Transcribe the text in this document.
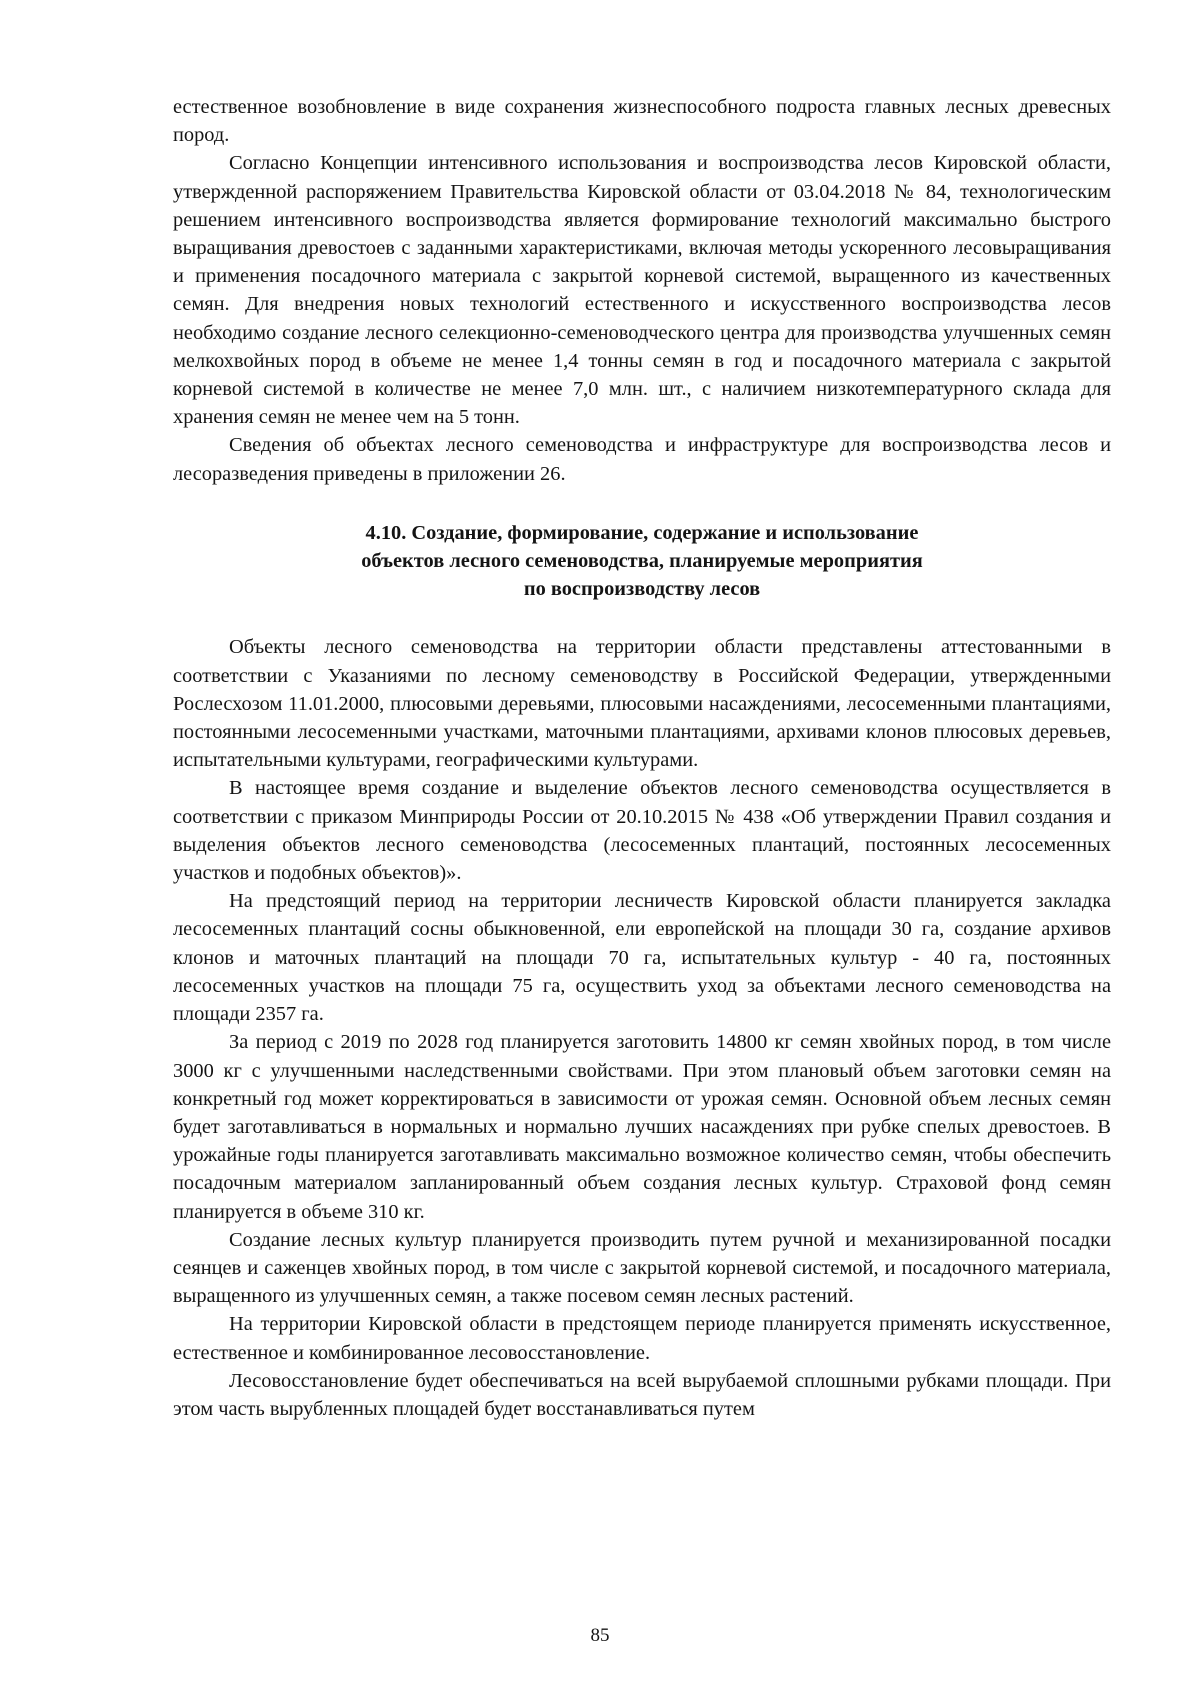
естественное возобновление в виде сохранения жизнеспособного подроста главных лесных древесных пород.

Согласно Концепции интенсивного использования и воспроизводства лесов Кировской области, утвержденной распоряжением Правительства Кировской области от 03.04.2018 № 84, технологическим решением интенсивного воспроизводства является формирование технологий максимально быстрого выращивания древостоев с заданными характеристиками, включая методы ускоренного лесовыращивания и применения посадочного материала с закрытой корневой системой, выращенного из качественных семян. Для внедрения новых технологий естественного и искусственного воспроизводства лесов необходимо создание лесного селекционно-семеноводческого центра для производства улучшенных семян мелкохвойных пород в объеме не менее 1,4 тонны семян в год и посадочного материала с закрытой корневой системой в количестве не менее 7,0 млн. шт., с наличием низкотемпературного склада для хранения семян не менее чем на 5 тонн.

Сведения об объектах лесного семеноводства и инфраструктуре для воспроизводства лесов и лесоразведения приведены в приложении 26.

4.10. Создание, формирование, содержание и использование
объектов лесного семеноводства, планируемые мероприятия
по воспроизводству лесов

Объекты лесного семеноводства на территории области представлены аттестованными в соответствии с Указаниями по лесному семеноводству в Российской Федерации, утвержденными Рослесхозом 11.01.2000, плюсовыми деревьями, плюсовыми насаждениями, лесосеменными плантациями, постоянными лесосеменными участками, маточными плантациями, архивами клонов плюсовых деревьев, испытательными культурами, географическими культурами.

В настоящее время создание и выделение объектов лесного семеноводства осуществляется в соответствии с приказом Минприроды России от 20.10.2015 № 438 «Об утверждении Правил создания и выделения объектов лесного семеноводства (лесосеменных плантаций, постоянных лесосеменных участков и подобных объектов)».

На предстоящий период на территории лесничеств Кировской области планируется закладка лесосеменных плантаций сосны обыкновенной, ели европейской на площади 30 га, создание архивов клонов и маточных плантаций на площади 70 га, испытательных культур - 40 га, постоянных лесосеменных участков на площади 75 га, осуществить уход за объектами лесного семеноводства на площади 2357 га.

За период с 2019 по 2028 год планируется заготовить 14800 кг семян хвойных пород, в том числе 3000 кг с улучшенными наследственными свойствами. При этом плановый объем заготовки семян на конкретный год может корректироваться в зависимости от урожая семян. Основной объем лесных семян будет заготавливаться в нормальных и нормально лучших насаждениях при рубке спелых древостоев. В урожайные годы планируется заготавливать максимально возможное количество семян, чтобы обеспечить посадочным материалом запланированный объем создания лесных культур. Страховой фонд семян планируется в объеме 310 кг.

Создание лесных культур планируется производить путем ручной и механизированной посадки сеянцев и саженцев хвойных пород, в том числе с закрытой корневой системой, и посадочного материала, выращенного из улучшенных семян, а также посевом семян лесных растений.

На территории Кировской области в предстоящем периоде планируется применять искусственное, естественное и комбинированное лесовосстановление.

Лесовосстановление будет обеспечиваться на всей вырубаемой сплошными рубками площади. При этом часть вырубленных площадей будет восстанавливаться путем

85
